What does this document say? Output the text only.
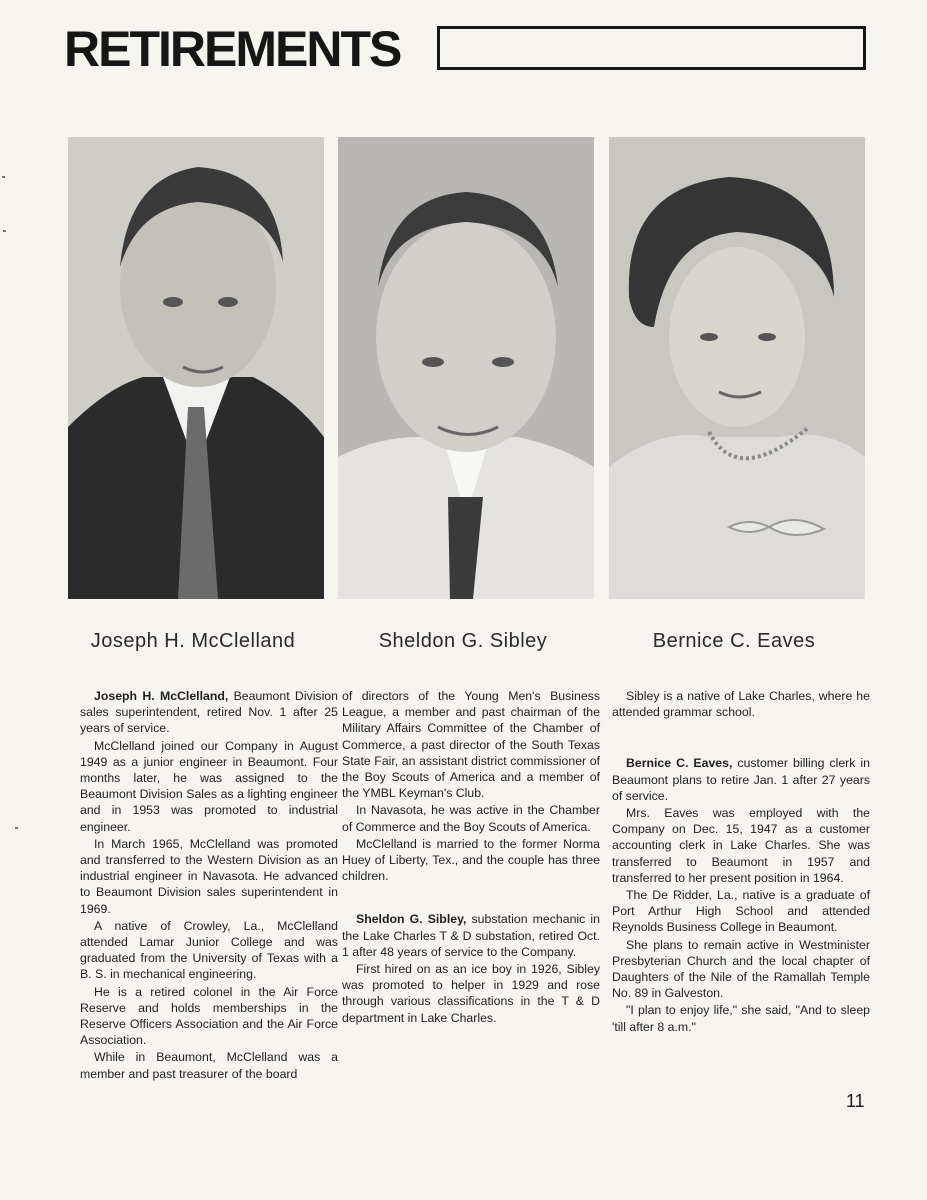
RETIREMENTS
Joseph H. McClelland	Sheldon G. Sibley	Bernice C. Eaves

Joseph H. McClelland, Beaumont Division sales superintendent, retired Nov. 1 after 25 years of service.

McClelland joined our Company in August 1949 as a junior engineer in Beaumont. Four months later, he was assigned to the Beaumont Division Sales as a lighting engineer and in 1953 was promoted to industrial engineer.

In March 1965, McClelland was promoted and transferred to the Western Division as an industrial engineer in Navasota. He advanced to Beaumont Division sales superintendent in 1969.

A native of Crowley, La., McClelland attended Lamar Junior College and was graduated from the University of Texas with a B. S. in mechanical engineering.

He is a retired colonel in the Air Force Reserve and holds memberships in the Reserve Officers Association and the Air Force Association.

While in Beaumont, McClelland was a member and past treasurer of the board

of directors of the Young Men's Business League, a member and past chairman of the Military Affairs Committee of the Chamber of Commerce, a past director of the South Texas State Fair, an assistant district commissioner of the Boy Scouts of America and a member of the YMBL Keyman's Club.

In Navasota, he was active in the Chamber of Commerce and the Boy Scouts of America.

McClelland is married to the former Norma Huey of Liberty, Tex., and the couple has three children.

Sheldon G. Sibley, substation mechanic in the Lake Charles T & D substation, retired Oct. 1 after 48 years of service to the Company.

First hired on as an ice boy in 1926, Sibley was promoted to helper in 1929 and rose through various classifications in the T & D department in Lake Charles.

Sibley is a native of Lake Charles, where he attended grammar school.

Bernice C. Eaves, customer billing clerk in Beaumont plans to retire Jan. 1 after 27 years of service.

Mrs. Eaves was employed with the Company on Dec. 15, 1947 as a customer accounting clerk in Lake Charles. She was transferred to Beaumont in 1957 and transferred to her present position in 1964.

The De Ridder, La., native is a graduate of Port Arthur High School and attended Reynolds Business College in Beaumont.

She plans to remain active in Westminister Presbyterian Church and the local chapter of Daughters of the Nile of the Ramallah Temple No. 89 in Galveston.

"I plan to enjoy life," she said, "And to sleep 'till after 8 a.m."

11
